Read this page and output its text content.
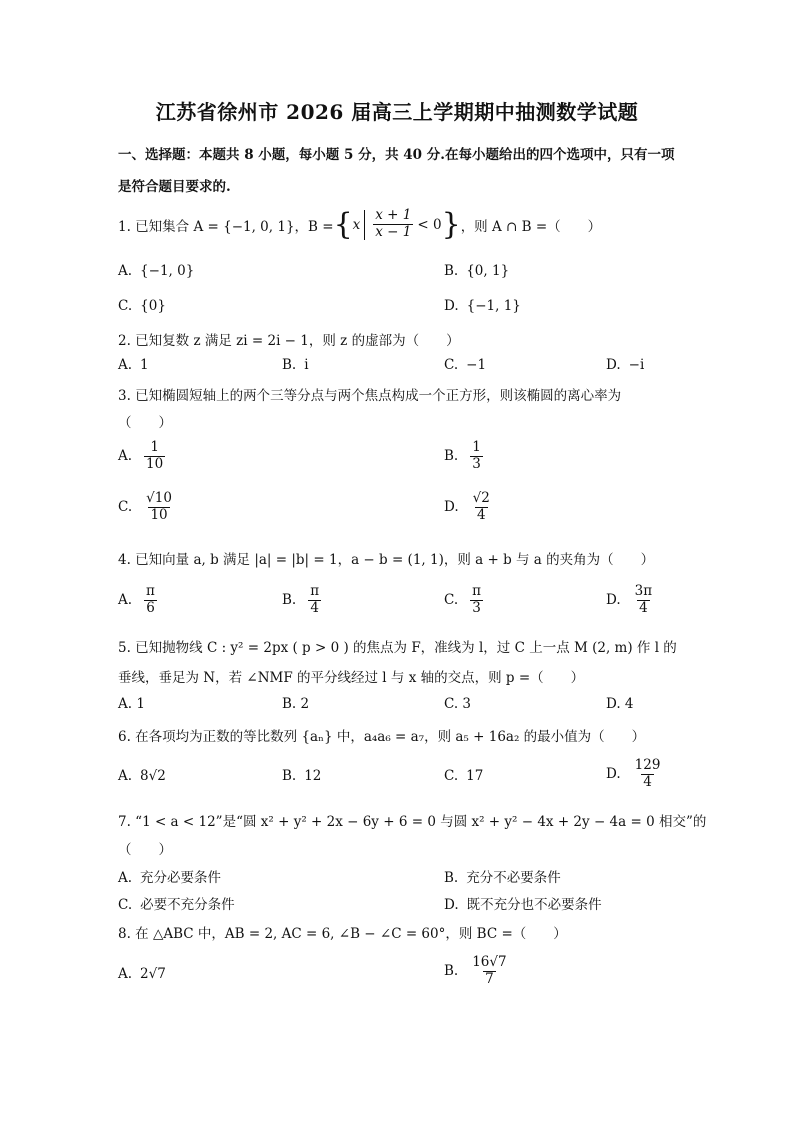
江苏省徐州市 2026 届高三上学期期中抽测数学试题
一、选择题：本题共 8 小题，每小题 5 分，共 40 分.在每小题给出的四个选项中，只有一项
是符合题目要求的.
1. 已知集合 A = {−1, 0, 1}，B = { x $\frac{x + 1}{x - 1} < 0$ } ，则 A ∩ B =（　　）
A. {−1, 0}	B. {0, 1}
C. {0}	D. {−1, 1}
2. 已知复数 z 满足 zi = 2i − 1，则 z 的虚部为（　　）
A. 1	B. i	C. −1	D. −i
3. 已知椭圆短轴上的两个三等分点与两个焦点构成一个正方形，则该椭圆的离心率为
（　　）
A. $\frac{1}{10}$	B. $\frac{1}{3}$
C. $\frac{√10}{10}$	D. $\frac{√2}{4}$
4. 已知向量 a, b 满足 |a| = |b| = 1，a − b = (1, 1)，则 a + b 与 a 的夹角为（　　）
A. $\frac{\pi}{6}$	B. $\frac{\pi}{4}$	C. $\frac{\pi}{3}$	D. $\frac{3\pi}{4}$
5. 已知抛物线 C : y² = 2px ( p > 0 ) 的焦点为 F，准线为 l，过 C 上一点 M (2, m) 作 l 的
垂线，垂足为 N，若 ∠NMF 的平分线经过 l 与 x 轴的交点，则 p =（　　）
A. 1	B. 2	C. 3	D. 4
6. 在各项均为正数的等比数列 {aₙ} 中，a₄a₆ = a₇，则 a₅ + 16a₂ 的最小值为（　　）
A. 8√2	B. 12	C. 17	D. $\frac{129}{4}$
7. “1 < a < 12”是“圆 x² + y² + 2x − 6y + 6 = 0 与圆 x² + y² − 4x + 2y − 4a = 0 相交”的
（　　）
A. 充分必要条件	B. 充分不必要条件
C. 必要不充分条件	D. 既不充分也不必要条件
8. 在 △ABC 中，AB = 2, AC = 6, ∠B − ∠C = 60°，则 BC =（　　）
A. 2√7	B. $\frac{16√7}{7}$
